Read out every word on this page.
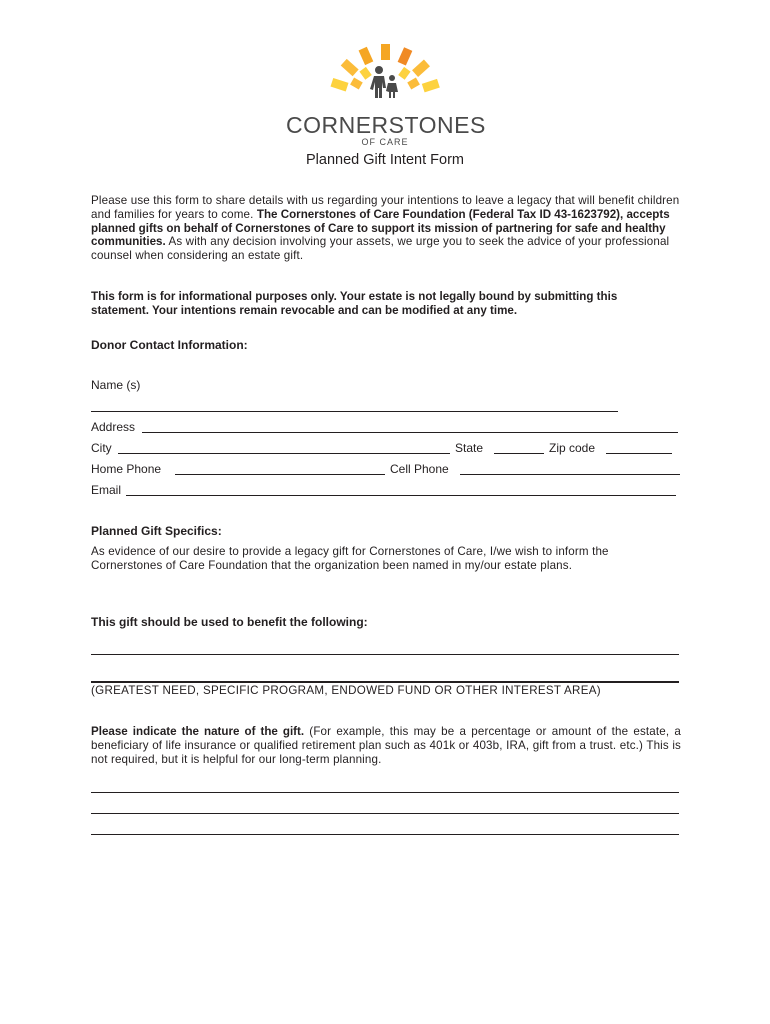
CORNERSTONES
OF CARE
Planned Gift Intent Form
Please use this form to share details with us regarding your intentions to leave a legacy that will benefit children and families for years to come. The Cornerstones of Care Foundation (Federal Tax ID 43-1623792), accepts planned gifts on behalf of Cornerstones of Care to support its mission of partnering for safe and healthy communities. As with any decision involving your assets, we urge you to seek the advice of your professional counsel when considering an estate gift.
This form is for informational purposes only. Your estate is not legally bound by submitting this statement. Your intentions remain revocable and can be modified at any time.
Donor Contact Information:
Name (s)
Address
City	State	Zip code
Home Phone	Cell Phone
Email
Planned Gift Specifics:
As evidence of our desire to provide a legacy gift for Cornerstones of Care, I/we wish to inform the Cornerstones of Care Foundation that the organization been named in my/our estate plans.
This gift should be used to benefit the following:
(GREATEST NEED, SPECIFIC PROGRAM, ENDOWED FUND OR OTHER INTEREST AREA)
Please indicate the nature of the gift. (For example, this may be a percentage or amount of the estate, a beneficiary of life insurance or qualified retirement plan such as 401k or 403b, IRA, gift from a trust. etc.) This is not required, but it is helpful for our long-term planning.
